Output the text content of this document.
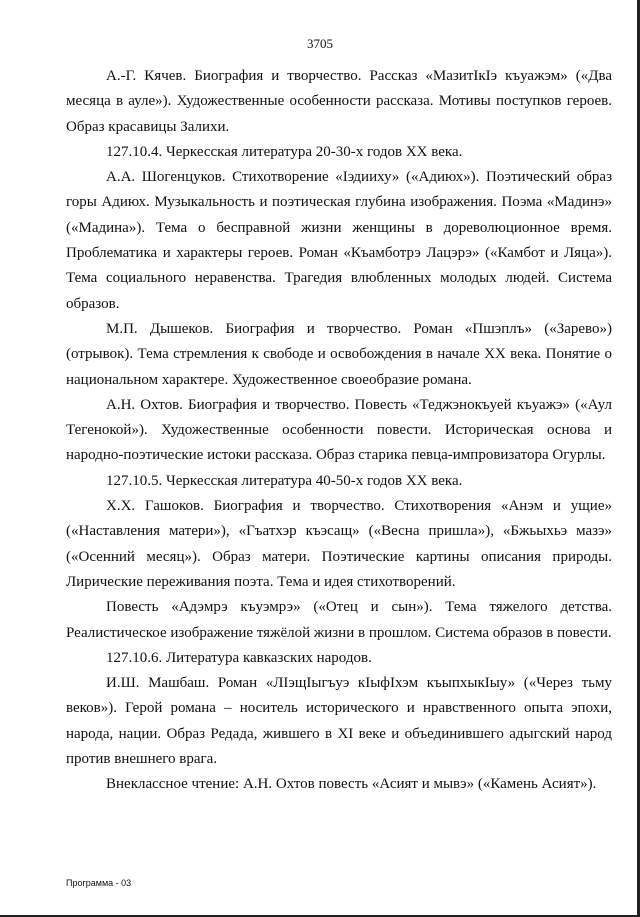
3705

А.-Г. Кячев. Биография и творчество. Рассказ «МазитIкIэ къуажэм» («Два месяца в ауле»). Художественные особенности рассказа. Мотивы поступков героев. Образ красавицы Залихи.

127.10.4. Черкесская литература 20-30-х годов XX века.

А.А. Шогенцуков. Стихотворение «Iэдииху» («Адиюх»). Поэтический образ горы Адиюх. Музыкальность и поэтическая глубина изображения. Поэма «Мадинэ» («Мадина»). Тема о бесправной жизни женщины в дореволюционное время. Проблематика и характеры героев. Роман «Къамботрэ Лацэрэ» («Камбот и Ляца»). Тема социального неравенства. Трагедия влюбленных молодых людей. Система образов.

М.П. Дышеков. Биография и творчество. Роман «Пшэплъ» («Зарево») (отрывок). Тема стремления к свободе и освобождения в начале XX века. Понятие о национальном характере. Художественное своеобразие романа.

А.Н. Охтов. Биография и творчество. Повесть «Теджэнокъуей къуажэ» («Аул Тегенокой»). Художественные особенности повести. Историческая основа и народно-поэтические истоки рассказа. Образ старика певца-импровизатора Огурлы.

127.10.5. Черкесская литература 40-50-х годов XX века.

Х.Х. Гашоков. Биография и творчество. Стихотворения «Анэм и ущие» («Наставления матери»), «Гъатхэр къэсащ» («Весна пришла»), «Бжьыхьэ мазэ» («Осенний месяц»). Образ матери. Поэтические картины описания природы. Лирические переживания поэта. Тема и идея стихотворений.

Повесть «Адэмрэ къуэмрэ» («Отец и сын»). Тема тяжелого детства. Реалистическое изображение тяжёлой жизни в прошлом. Система образов в повести.

127.10.6. Литература кавказских народов.

И.Ш. Машбаш. Роман «ЛIэщIыгъуэ кIыфIхэм къыпхыкIыу» («Через тьму веков»). Герой романа – носитель исторического и нравственного опыта эпохи, народа, нации. Образ Редада, жившего в XI веке и объединившего адыгский народ против внешнего врага.

Внеклассное чтение: А.Н. Охтов повесть «Асият и мывэ» («Камень Асият»).

Программа - 03
